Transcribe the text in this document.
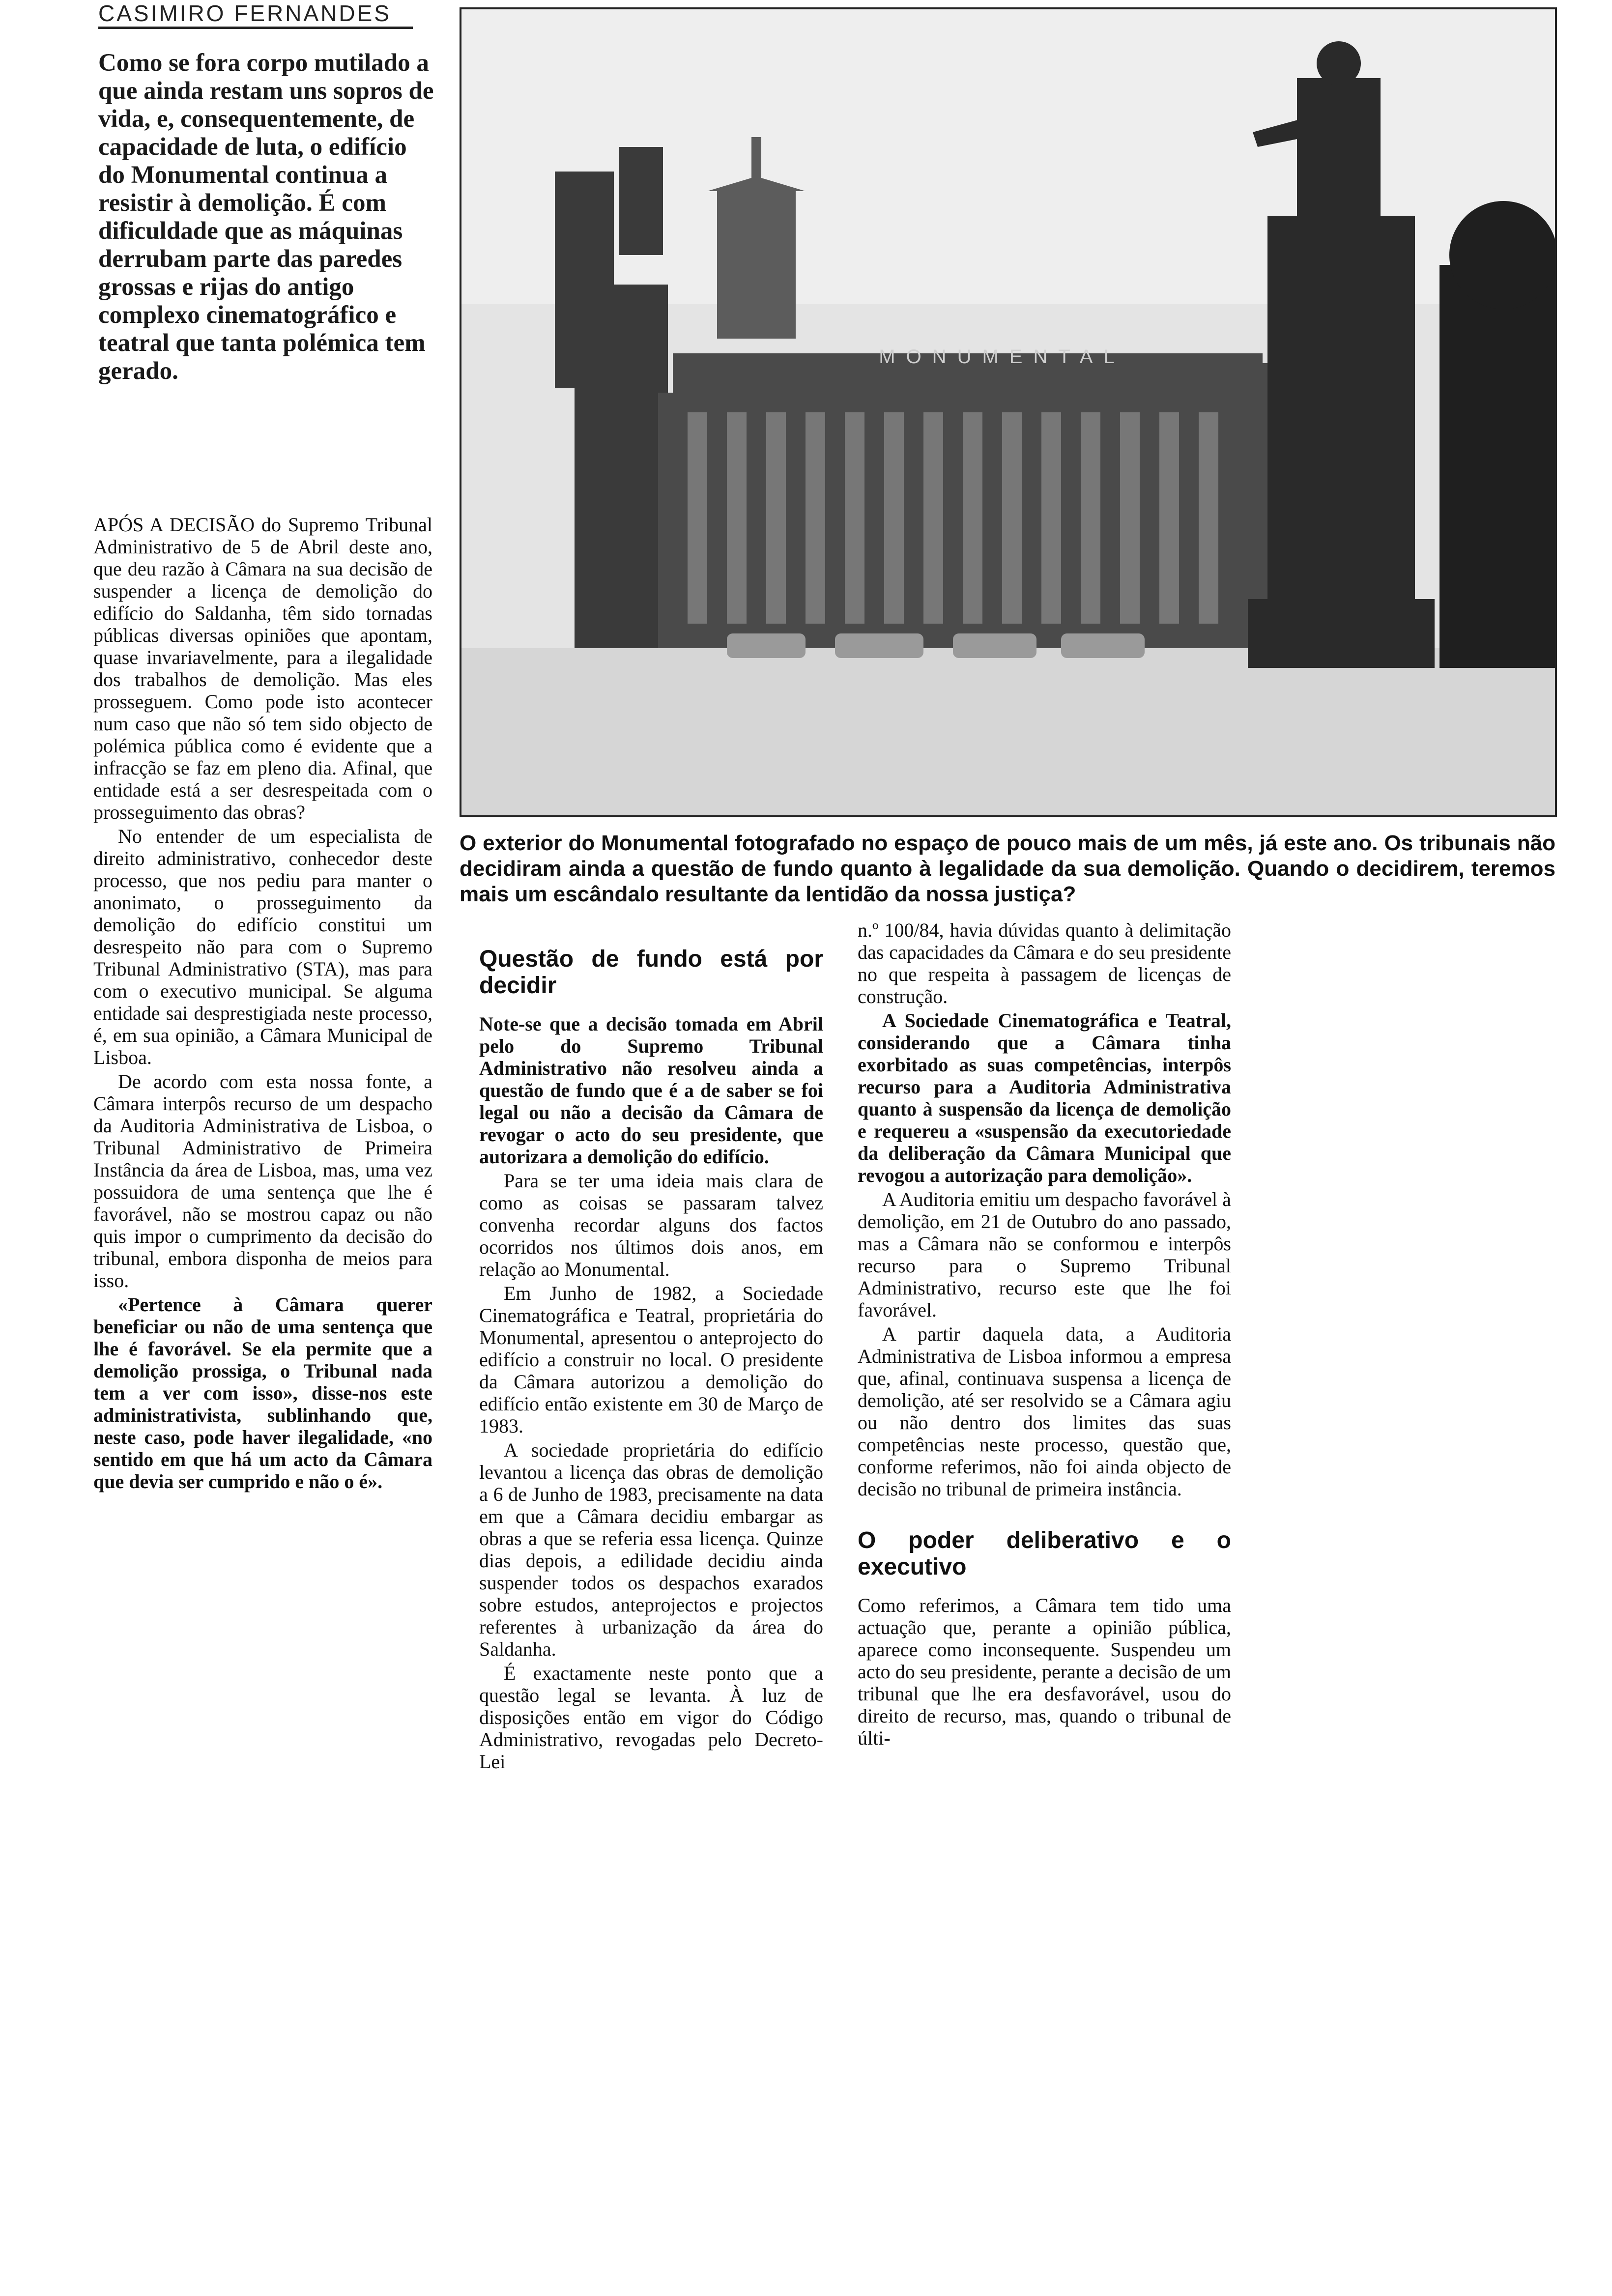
CASIMIRO FERNANDES

Como se fora corpo mutilado a que ainda restam uns sopros de vida, e, consequentemente, de capacidade de luta, o edifício do Monumental continua a resistir à demolição. É com dificuldade que as máquinas derrubam parte das paredes grossas e rijas do antigo complexo cinematográfico e teatral que tanta polémica tem gerado.

MONUMENTAL
O exterior do Monumental fotografado no espaço de pouco mais de um mês, já este ano. Os tribunais não decidiram ainda a questão de fundo quanto à legalidade da sua demolição. Quando o decidirem, teremos mais um escândalo resultante da lentidão da nossa justiça?

APÓS A DECISÃO do Supremo Tribunal Administrativo de 5 de Abril deste ano, que deu razão à Câmara na sua decisão de suspender a licença de demolição do edifício do Saldanha, têm sido tornadas públicas diversas opiniões que apontam, quase invariavelmente, para a ilegalidade dos trabalhos de demolição. Mas eles prosseguem. Como pode isto acontecer num caso que não só tem sido objecto de polémica pública como é evidente que a infracção se faz em pleno dia. Afinal, que entidade está a ser desrespeitada com o prosseguimento das obras?

No entender de um especialista de direito administrativo, conhecedor deste processo, que nos pediu para manter o anonimato, o prosseguimento da demolição do edifício constitui um desrespeito não para com o Supremo Tribunal Administrativo (STA), mas para com o executivo municipal. Se alguma entidade sai desprestigiada neste processo, é, em sua opinião, a Câmara Municipal de Lisboa.

De acordo com esta nossa fonte, a Câmara interpôs recurso de um despacho da Auditoria Administrativa de Lisboa, o Tribunal Administrativo de Primeira Instância da área de Lisboa, mas, uma vez possuidora de uma sentença que lhe é favorável, não se mostrou capaz ou não quis impor o cumprimento da decisão do tribunal, embora disponha de meios para isso.

«Pertence à Câmara querer beneficiar ou não de uma sentença que lhe é favorável. Se ela permite que a demolição prossiga, o Tribunal nada tem a ver com isso», disse-nos este administrativista, sublinhando que, neste caso, pode haver ilegalidade, «no sentido em que há um acto da Câmara que devia ser cumprido e não o é».

Questão de fundo está por decidir

Note-se que a decisão tomada em Abril pelo do Supremo Tribunal Administrativo não resolveu ainda a questão de fundo que é a de saber se foi legal ou não a decisão da Câmara de revogar o acto do seu presidente, que autorizara a demolição do edifício.

Para se ter uma ideia mais clara de como as coisas se passaram talvez convenha recordar alguns dos factos ocorridos nos últimos dois anos, em relação ao Monumental.

Em Junho de 1982, a Sociedade Cinematográfica e Teatral, proprietária do Monumental, apresentou o anteprojecto do edifício a construir no local. O presidente da Câmara autorizou a demolição do edifício então existente em 30 de Março de 1983.

A sociedade proprietária do edifício levantou a licença das obras de demolição a 6 de Junho de 1983, precisamente na data em que a Câmara decidiu embargar as obras a que se referia essa licença. Quinze dias depois, a edilidade decidiu ainda suspender todos os despachos exarados sobre estudos, anteprojectos e projectos referentes à urbanização da área do Saldanha.

É exactamente neste ponto que a questão legal se levanta. À luz de disposições então em vigor do Código Administrativo, revogadas pelo Decreto-Lei

n.º 100/84, havia dúvidas quanto à delimitação das capacidades da Câmara e do seu presidente no que respeita à passagem de licenças de construção.

A Sociedade Cinematográfica e Teatral, considerando que a Câmara tinha exorbitado as suas competências, interpôs recurso para a Auditoria Administrativa quanto à suspensão da licença de demolição e requereu a «suspensão da executoriedade da deliberação da Câmara Municipal que revogou a autorização para demolição».

A Auditoria emitiu um despacho favorável à demolição, em 21 de Outubro do ano passado, mas a Câmara não se conformou e interpôs recurso para o Supremo Tribunal Administrativo, recurso este que lhe foi favorável.

A partir daquela data, a Auditoria Administrativa de Lisboa informou a empresa que, afinal, continuava suspensa a licença de demolição, até ser resolvido se a Câmara agiu ou não dentro dos limites das suas competências neste processo, questão que, conforme referimos, não foi ainda objecto de decisão no tribunal de primeira instância.

O poder deliberativo e o executivo

Como referimos, a Câmara tem tido uma actuação que, perante a opinião pública, aparece como inconsequente. Suspendeu um acto do seu presidente, perante a decisão de um tribunal que lhe era desfavorável, usou do direito de recurso, mas, quando o tribunal de últi-
